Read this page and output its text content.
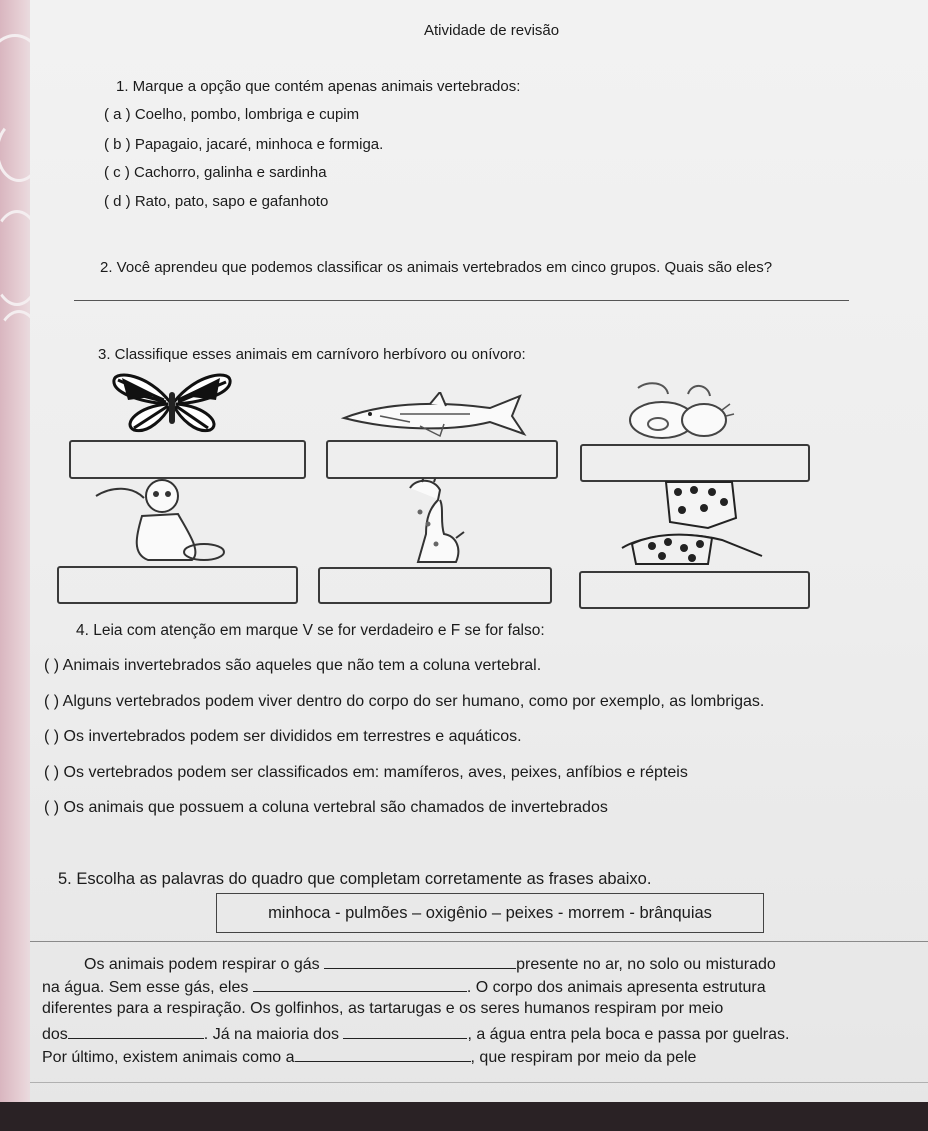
Atividade de revisão
1. Marque a opção que contém apenas animais vertebrados:
( a ) Coelho, pombo, lombriga e cupim
( b ) Papagaio, jacaré, minhoca e formiga.
( c ) Cachorro, galinha e sardinha
( d ) Rato, pato, sapo e gafanhoto
2. Você aprendeu que podemos classificar os animais vertebrados em cinco grupos. Quais são eles?
3. Classifique esses animais em carnívoro herbívoro ou onívoro:
4. Leia com atenção em marque V se for verdadeiro e F se for falso:
( ) Animais invertebrados são aqueles que não tem a coluna vertebral.
( ) Alguns vertebrados podem viver dentro do corpo do ser humano, como por exemplo, as lombrigas.
( ) Os invertebrados podem ser divididos em terrestres e aquáticos.
( ) Os vertebrados podem ser classificados em: mamíferos, aves, peixes, anfíbios e répteis
( ) Os animais que possuem a coluna vertebral são chamados de invertebrados
5. Escolha as palavras do quadro que completam corretamente as frases abaixo.
minhoca - pulmões – oxigênio – peixes - morrem - brânquias
Os animais podem respirar o gás	presente no ar, no solo ou misturado
na água. Sem esse gás, eles	. O corpo dos animais apresenta estrutura
diferentes para a respiração. Os golfinhos, as tartarugas e os seres humanos respiram por meio
dos	. Já na maioria dos	, a água entra pela boca e passa por guelras.
Por último, existem animais como a	, que respiram por meio da pele
